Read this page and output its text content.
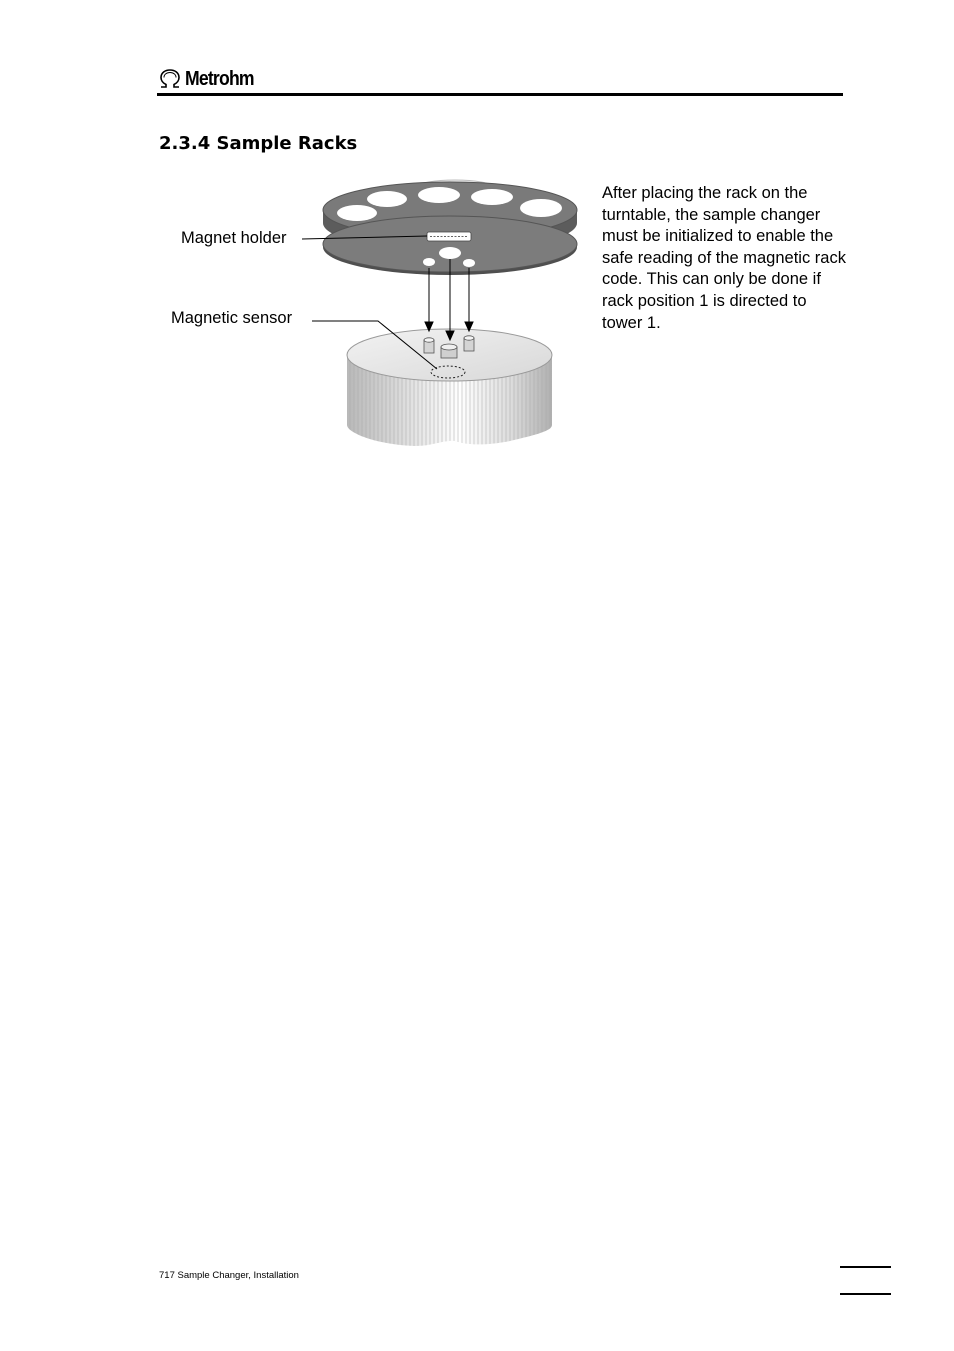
Metrohm
2.3.4 Sample Racks
Magnet holder
Magnetic sensor

After placing the rack on the turntable, the sample changer must be initialized to enable the safe reading of the magnetic rack code. This can only be done if rack position 1 is directed to tower 1.

717 Sample Changer, Installation
